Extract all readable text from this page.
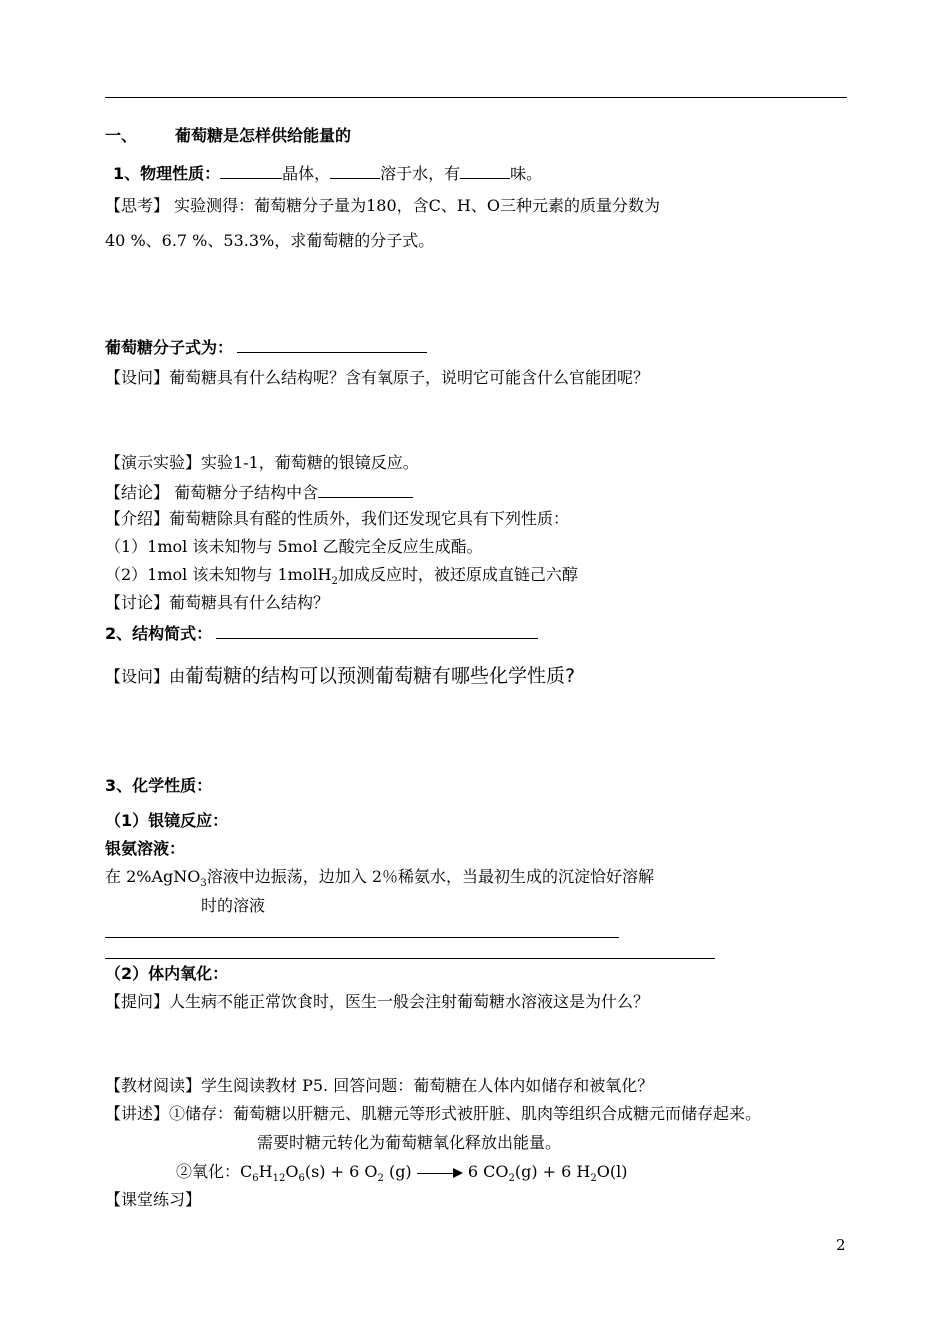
一、 葡萄糖是怎样供给能量的
1、物理性质：	晶体，	溶于水，有	味。
【思考】 实验测得：葡萄糖分子量为180，含C、H、O三种元素的质量分数为
40 %、6.7 %、53.3%，求葡萄糖的分子式。
葡萄糖分子式为：
【设问】葡萄糖具有什么结构呢？含有氧原子，说明它可能含什么官能团呢？
【演示实验】实验1-1，葡萄糖的银镜反应。
【结论】 葡萄糖分子结构中含
【介绍】葡萄糖除具有醛的性质外，我们还发现它具有下列性质：
（1）1mol 该未知物与 5mol 乙酸完全反应生成酯。
（2）1mol 该未知物与 1molH$_2$加成反应时，被还原成直链己六醇
【讨论】葡萄糖具有什么结构？
2、结构简式：
【设问】由葡萄糖的结构可以预测葡萄糖有哪些化学性质?
3、化学性质：
（1）银镜反应：
银氨溶液：
在 2%AgNO$_3$溶液中边振荡，边加入 2％稀氨水，当最初生成的沉淀恰好溶解
时的溶液
（2）体内氧化：
【提问】人生病不能正常饮食时，医生一般会注射葡萄糖水溶液这是为什么？
【教材阅读】学生阅读教材 P5. 回答问题：葡萄糖在人体内如储存和被氧化？
【讲述】①储存：葡萄糖以肝糖元、肌糖元等形式被肝脏、肌肉等组织合成糖元而储存起来。
需要时糖元转化为葡萄糖氧化释放出能量。
②氧化：$C_6H_{12}O_6(s) + 6$ $O_2$ (g)	6 $CO_2(g) + 6$ $H_2O(l)$
【课堂练习】
2
